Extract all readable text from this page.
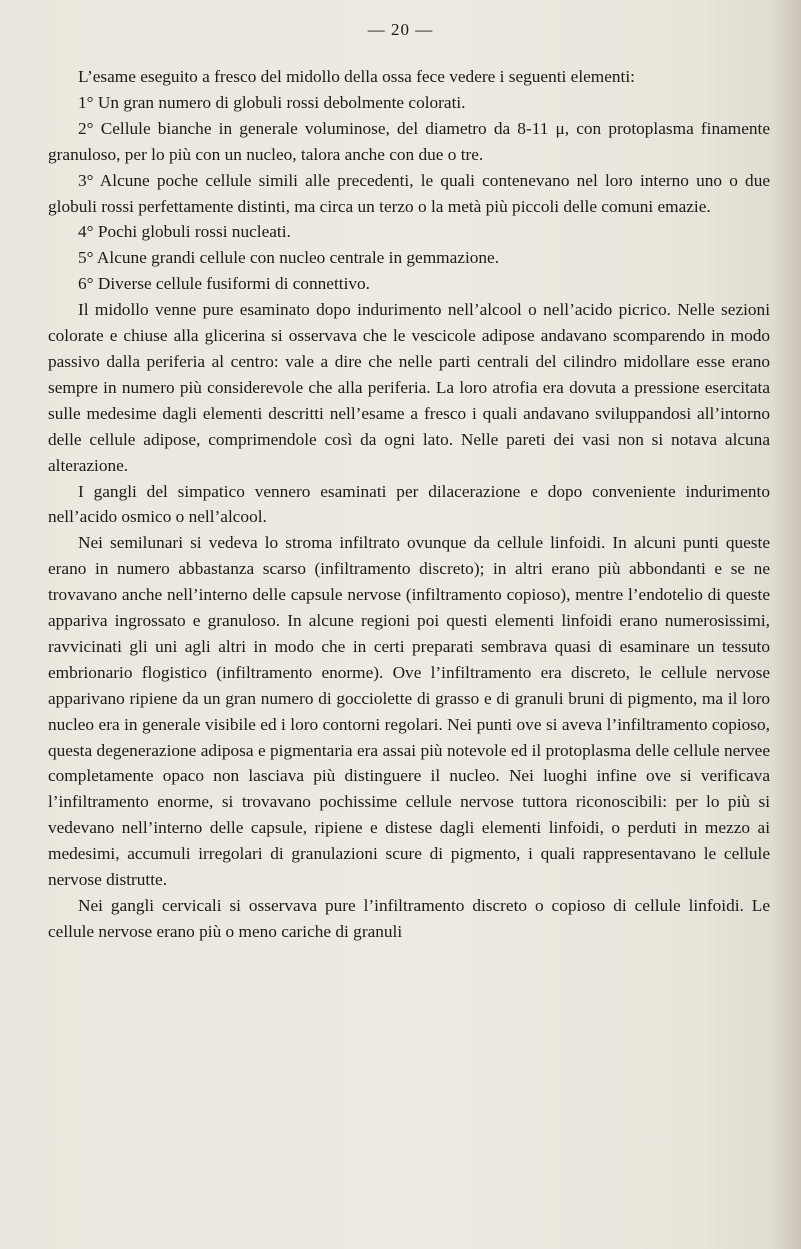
— 20 —

L’esame eseguito a fresco del midollo della ossa fece vedere i seguenti elementi:

1° Un gran numero di globuli rossi debolmente colorati.

2° Cellule bianche in generale voluminose, del diametro da 8-11 μ, con protoplasma finamente granuloso, per lo più con un nucleo, talora anche con due o tre.

3° Alcune poche cellule simili alle precedenti, le quali contenevano nel loro interno uno o due globuli rossi perfettamente distinti, ma circa un terzo o la metà più piccoli delle comuni emazie.

4° Pochi globuli rossi nucleati.

5° Alcune grandi cellule con nucleo centrale in gemmazione.

6° Diverse cellule fusiformi di connettivo.

Il midollo venne pure esaminato dopo indurimento nell’alcool o nell’acido picrico. Nelle sezioni colorate e chiuse alla glicerina si osservava che le vescicole adipose andavano scomparendo in modo passivo dalla periferia al centro: vale a dire che nelle parti centrali del cilindro midollare esse erano sempre in numero più considerevole che alla periferia. La loro atrofia era dovuta a pressione esercitata sulle medesime dagli elementi descritti nell’esame a fresco i quali andavano sviluppandosi all’intorno delle cellule adipose, comprimendole così da ogni lato. Nelle pareti dei vasi non si notava alcuna alterazione.

I gangli del simpatico vennero esaminati per dilacerazione e dopo conveniente indurimento nell’acido osmico o nell’alcool.

Nei semilunari si vedeva lo stroma infiltrato ovunque da cellule linfoidi. In alcuni punti queste erano in numero abbastanza scarso (infiltramento discreto); in altri erano più abbondanti e se ne trovavano anche nell’interno delle capsule nervose (infiltramento copioso), mentre l’endotelio di queste appariva ingrossato e granuloso. In alcune regioni poi questi elementi linfoidi erano numerosissimi, ravvicinati gli uni agli altri in modo che in certi preparati sembrava quasi di esaminare un tessuto embrionario flogistico (infiltramento enorme). Ove l’infiltramento era discreto, le cellule nervose apparivano ripiene da un gran numero di gocciolette di grasso e di granuli bruni di pigmento, ma il loro nucleo era in generale visibile ed i loro contorni regolari. Nei punti ove si aveva l’infiltramento copioso, questa degenerazione adiposa e pigmentaria era assai più notevole ed il protoplasma delle cellule nervee completamente opaco non lasciava più distinguere il nucleo. Nei luoghi infine ove si verificava l’infiltramento enorme, si trovavano pochissime cellule nervose tuttora riconoscibili: per lo più si vedevano nell’interno delle capsule, ripiene e distese dagli elementi linfoidi, o perduti in mezzo ai medesimi, accumuli irregolari di granulazioni scure di pigmento, i quali rappresentavano le cellule nervose distrutte.

Nei gangli cervicali si osservava pure l’infiltramento discreto o copioso di cellule linfoidi. Le cellule nervose erano più o meno cariche di granuli
